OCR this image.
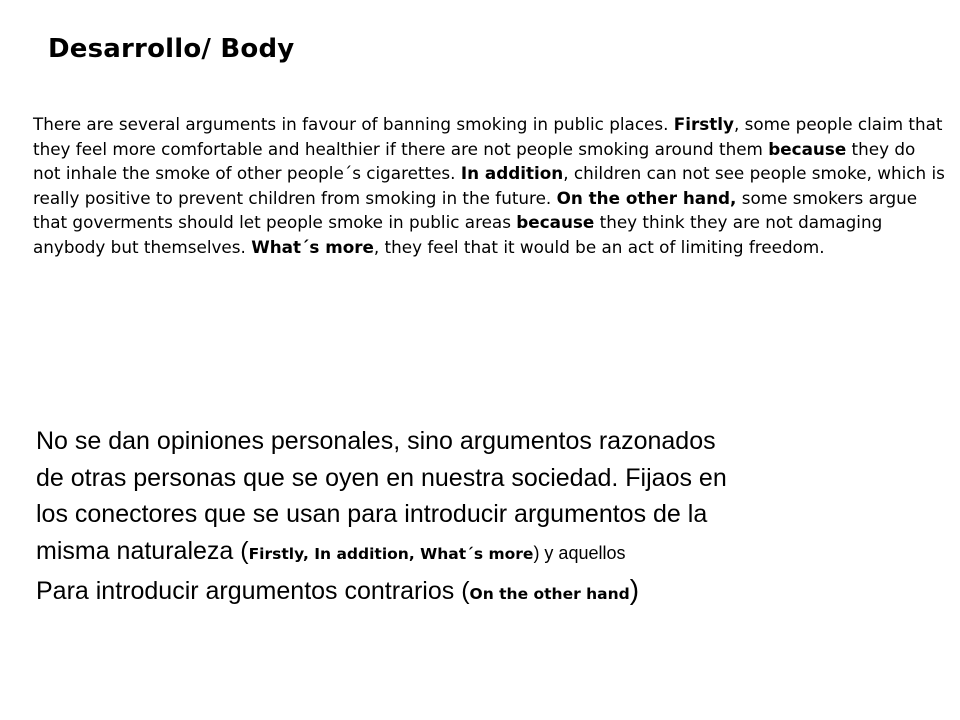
Desarrollo/ Body

There are several arguments in favour of banning smoking in public places. Firstly, some people claim that they feel more comfortable and healthier if there are not people smoking around them because they do not inhale the smoke of other people´s cigarettes. In addition, children can not see people smoke, which is really positive to prevent children from smoking in the future. On the other hand, some smokers argue that goverments should let people smoke in public areas because they think they are not damaging anybody but themselves. What´s more, they feel that it would be an act of limiting freedom.

No se dan opiniones personales, sino argumentos razonados
de otras personas que se oyen en nuestra sociedad. Fijaos en
los conectores que se usan para introducir argumentos de la
misma naturaleza (Firstly, In addition, What´s more) y aquellos
Para introducir argumentos contrarios (On the other hand)
